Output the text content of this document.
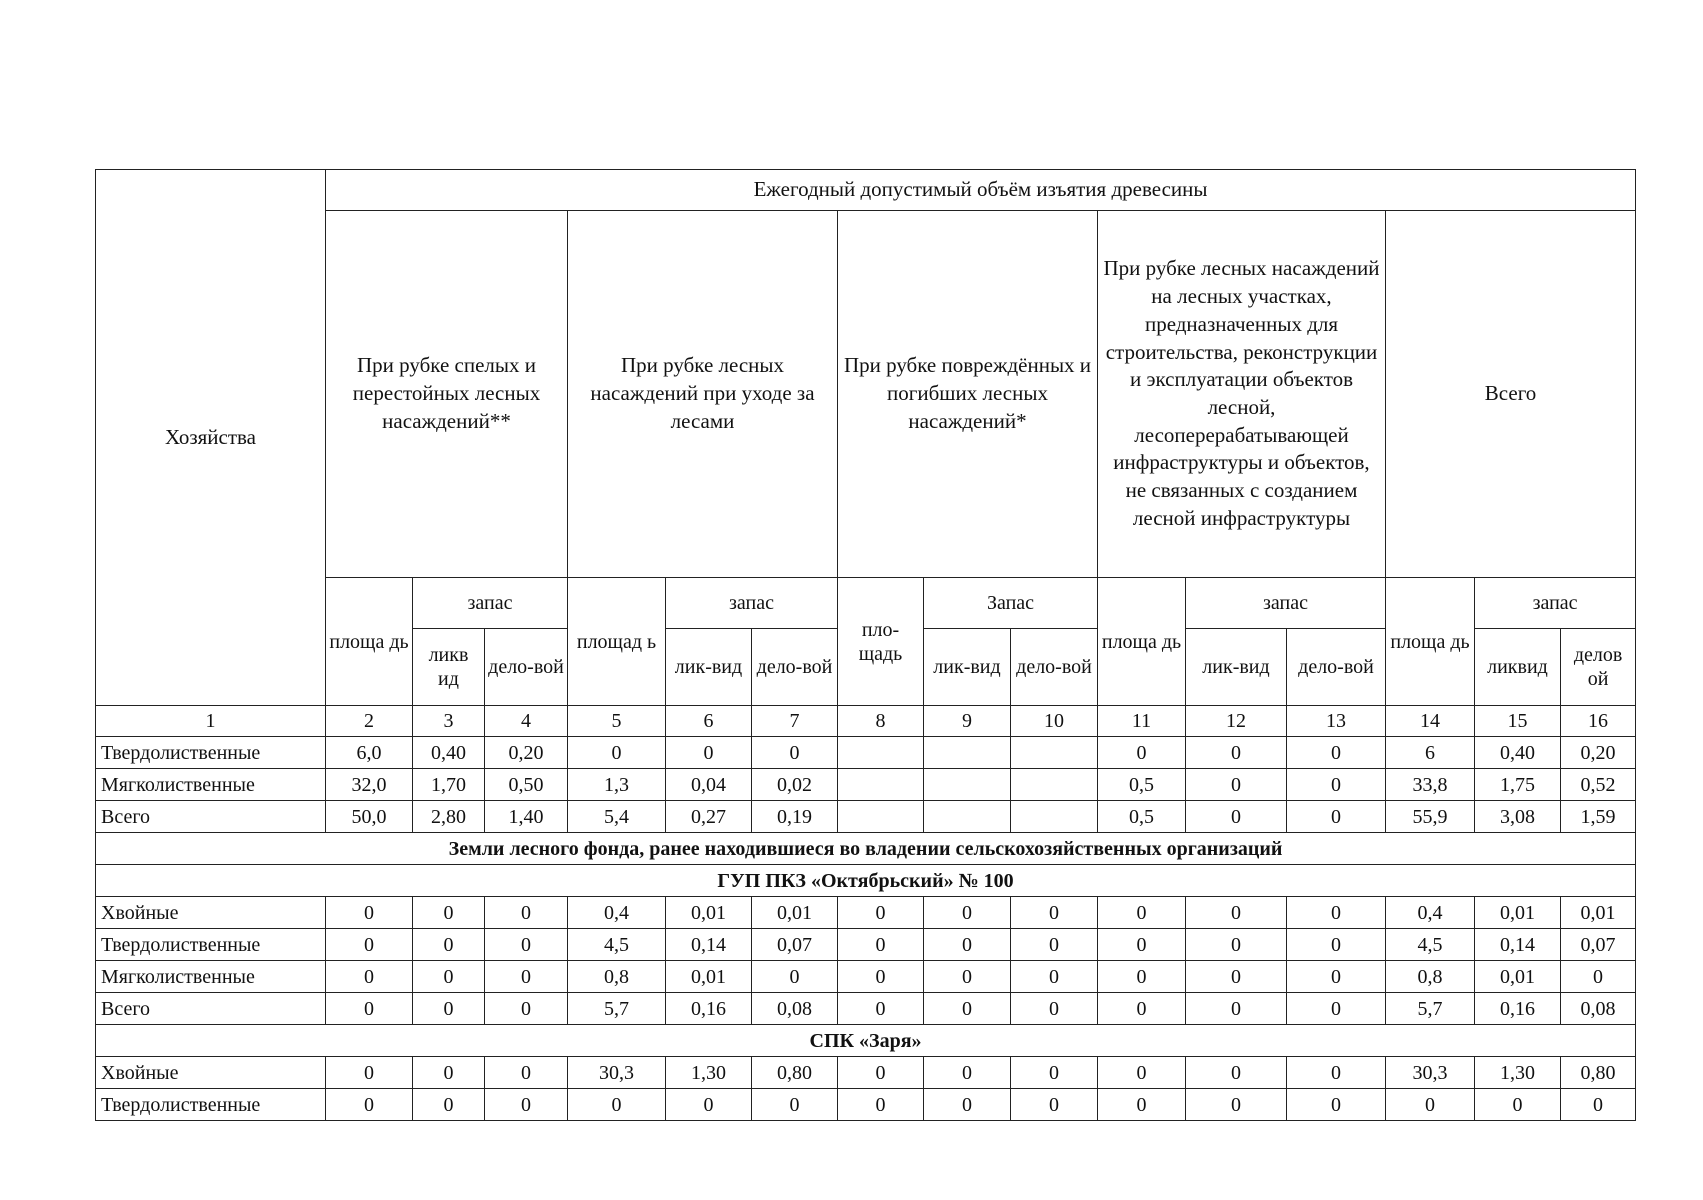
Хозяйства	Ежегодный допустимый объём изъятия древесины														
	При рубке спелых и перестойных лесных насаждений**			При рубке лесных насаждений при уходе за лесами			При рубке повреждённых и погибших лесных насаждений*			При рубке лесных насаждений на лесных участках, предназначенных для строительства, реконструкции и эксплуатации объектов лесной, лесоперерабатывающей инфраструктуры и объектов, не связанных с созданием лесной инфраструктуры			Всего		
	площа дь	запас		площад ь	запас		пло-щадь	Запас		площа дь	запас		площа дь	запас	
		ликв ид	дело-вой		лик-вид	дело-вой		лик-вид	дело-вой		лик-вид	дело-вой		ликвид	делов ой
1	2	3	4	5	6	7	8	9	10	11	12	13	14	15	16
Твердолиственные	6,0	0,40	0,20	0	0	0				0	0	0	6	0,40	0,20
Мягколиственные	32,0	1,70	0,50	1,3	0,04	0,02				0,5	0	0	33,8	1,75	0,52
Всего	50,0	2,80	1,40	5,4	0,27	0,19				0,5	0	0	55,9	3,08	1,59
Земли лесного фонда, ранее находившиеся во владении сельскохозяйственных организаций															
ГУП ПКЗ «Октябрьский» № 100															
Хвойные	0	0	0	0,4	0,01	0,01	0	0	0	0	0	0	0,4	0,01	0,01
Твердолиственные	0	0	0	4,5	0,14	0,07	0	0	0	0	0	0	4,5	0,14	0,07
Мягколиственные	0	0	0	0,8	0,01	0	0	0	0	0	0	0	0,8	0,01	0
Всего	0	0	0	5,7	0,16	0,08	0	0	0	0	0	0	5,7	0,16	0,08
СПК «Заря»															
Хвойные	0	0	0	30,3	1,30	0,80	0	0	0	0	0	0	30,3	1,30	0,80
Твердолиственные	0	0	0	0	0	0	0	0	0	0	0	0	0	0	0
